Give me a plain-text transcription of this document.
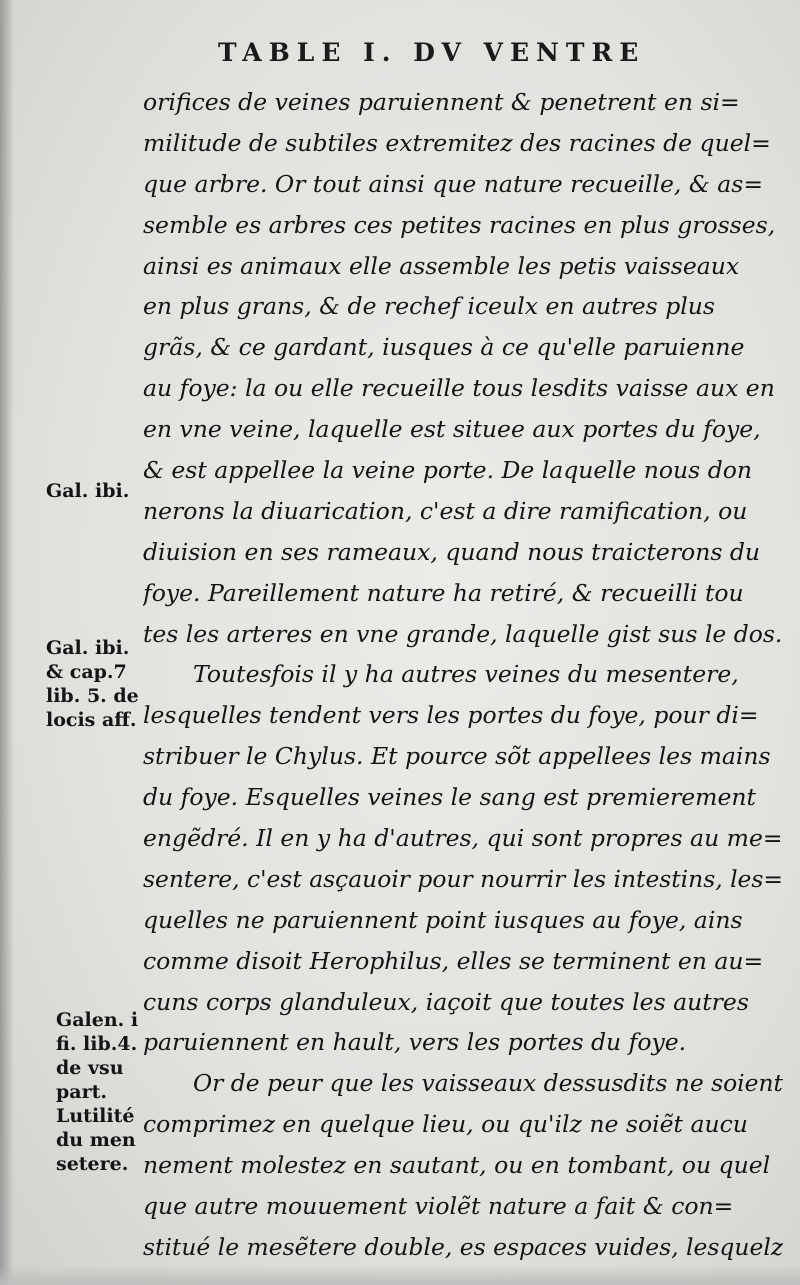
TABLE I. DV VENTRE
orifices de veines paruiennent & penetrent en si=
militude de subtiles extremitez des racines de quel=
que arbre. Or tout ainsi que nature recueille, & as=
semble es arbres ces petites racines en plus grosses,
ainsi es animaux elle assemble les petis vaisseaux
en plus grans, & de rechef iceulx en autres plus
grãs, & ce gardant, iusques à ce qu'elle paruienne
au foye: la ou elle recueille tous lesdits vaisse aux en
en vne veine, laquelle est situee aux portes du foye,
& est appellee la veine porte. De laquelle nous don
nerons la diuarication, c'est a dire ramification, ou
diuision en ses rameaux, quand nous traicterons du
foye. Pareillement nature ha retiré, & recueilli tou
tes les arteres en vne grande, laquelle gist sus le dos.
Toutesfois il y ha autres veines du mesentere,
lesquelles tendent vers les portes du foye, pour di=
stribuer le Chylus. Et pource sõt appellees les mains
du foye. Esquelles veines le sang est premierement
engẽdré. Il en y ha d'autres, qui sont propres au me=
sentere, c'est asçauoir pour nourrir les intestins, les=
quelles ne paruiennent point iusques au foye, ains
comme disoit Herophilus, elles se terminent en au=
cuns corps glanduleux, iaçoit que toutes les autres
paruiennent en hault, vers les portes du foye.
Or de peur que les vaisseaux dessusdits ne soient
comprimez en quelque lieu, ou qu'ilz ne soiẽt aucu
nement molestez en sautant, ou en tombant, ou quel
que autre mouuement violẽt nature a fait & con=
stitué le mesẽtere double, es espaces vuides, lesquelz
Gal. ibi.
Gal. ibi.
& cap.7
lib. 5. de
locis aff.
Galen. i
fi. lib.4.
de vsu
part.
Lutilité
du men
setere.
